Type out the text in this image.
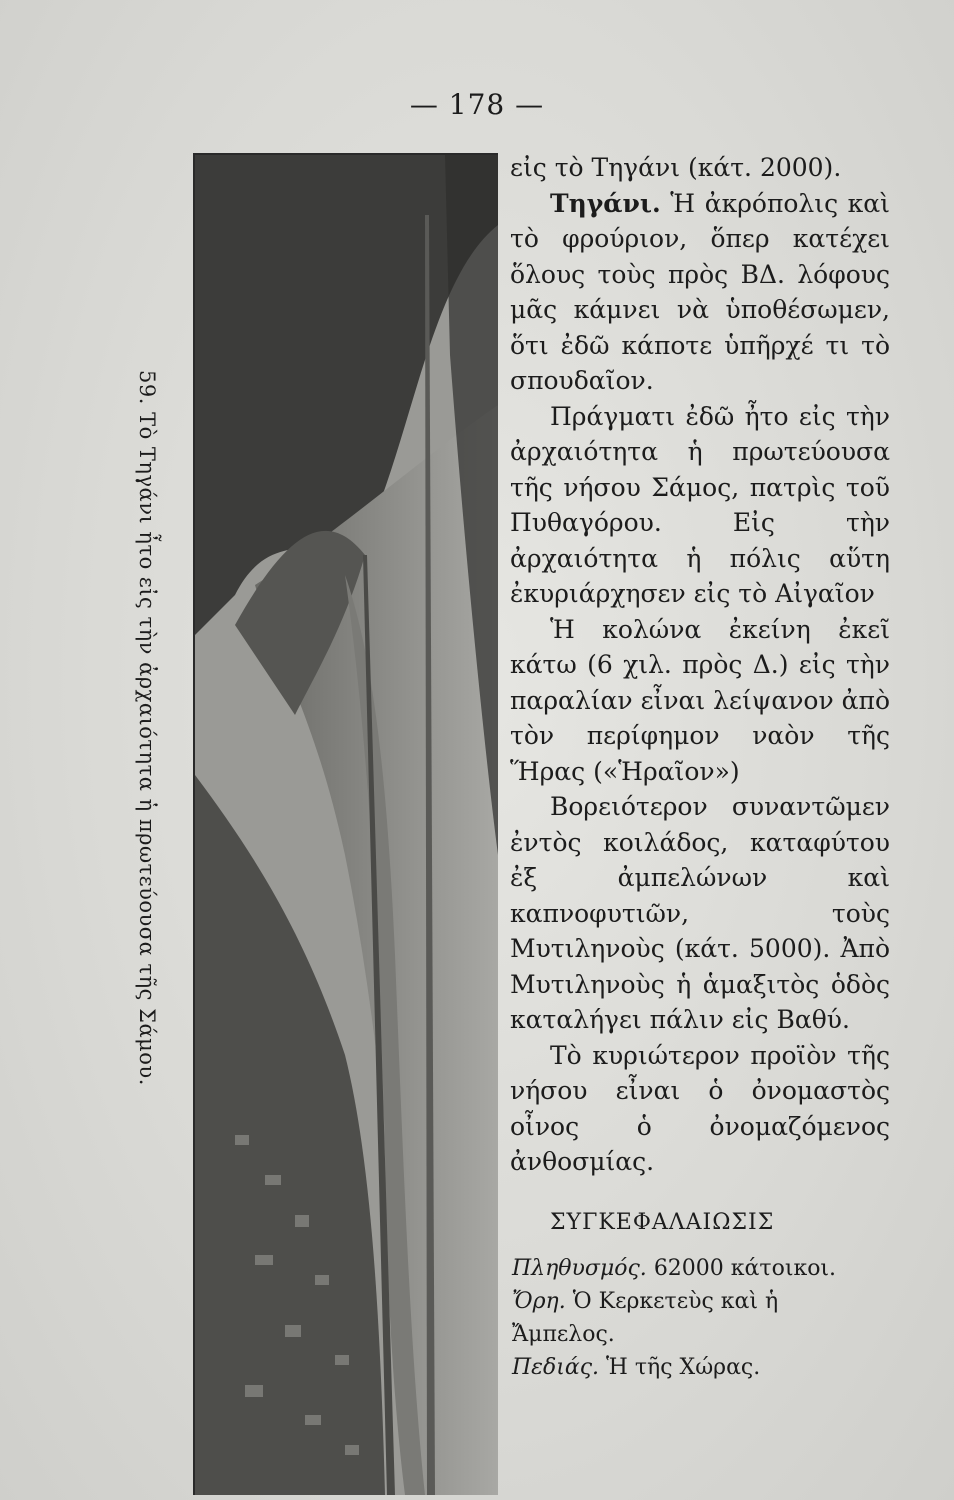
— 178 —
59. Τὸ Τηγάνι ἦτο εἰς τὴν ἀρχαιότητα ἡ πρωτεύουσα τῆς Σάμου.

εἰς τὸ Τηγάνι (κάτ. 2000).

Τηγάνι. Ἡ ἀκρόπολις καὶ τὸ φρούριον, ὅπερ κατέχει ὅλους τοὺς πρὸς ΒΔ. λόφους μᾶς κάμνει νὰ ὑποθέσωμεν, ὅτι ἐδῶ κάποτε ὑπῆρχέ τι τὸ σπουδαῖον.

Πράγματι ἐδῶ ἦτο εἰς τὴν ἀρχαιότητα ἡ πρωτεύουσα τῆς νήσου Σάμος, πατρὶς τοῦ Πυθαγόρου. Εἰς τὴν ἀρχαιότητα ἡ πόλις αὕτη ἐκυριάρχησεν εἰς τὸ Αἰγαῖον

Ἡ κολώνα ἐκείνη ἐκεῖ κάτω (6 χιλ. πρὸς Δ.) εἰς τὴν παραλίαν εἶναι λείψανον ἀπὸ τὸν περίφημον ναὸν τῆς Ἥρας («Ἡραῖον»)

Βορειότερον συναντῶμεν ἐντὸς κοιλάδος, καταφύτου ἐξ ἀμπελώνων καὶ καπνοφυτιῶν, τοὺς Μυτιληνοὺς (κάτ. 5000). Ἀπὸ Μυτιληνοὺς ἡ ἁμαξιτὸς ὁδὸς καταλήγει πάλιν εἰς Βαθύ.

Τὸ κυριώτερον προϊὸν τῆς νήσου εἶναι ὁ ὀνομαστὸς οἶνος ὁ ὀνομαζόμενος ἀνθοσμίας.

ΣΥΓΚΕΦΑΛΑΙΩΣΙΣ
Πληθυσμός. 62000 κάτοικοι.
Ὄρη. Ὁ Κερκετεὺς καὶ ἡ
Ἄμπελος.
Πεδιάς. Ἡ τῆς Χώρας.
